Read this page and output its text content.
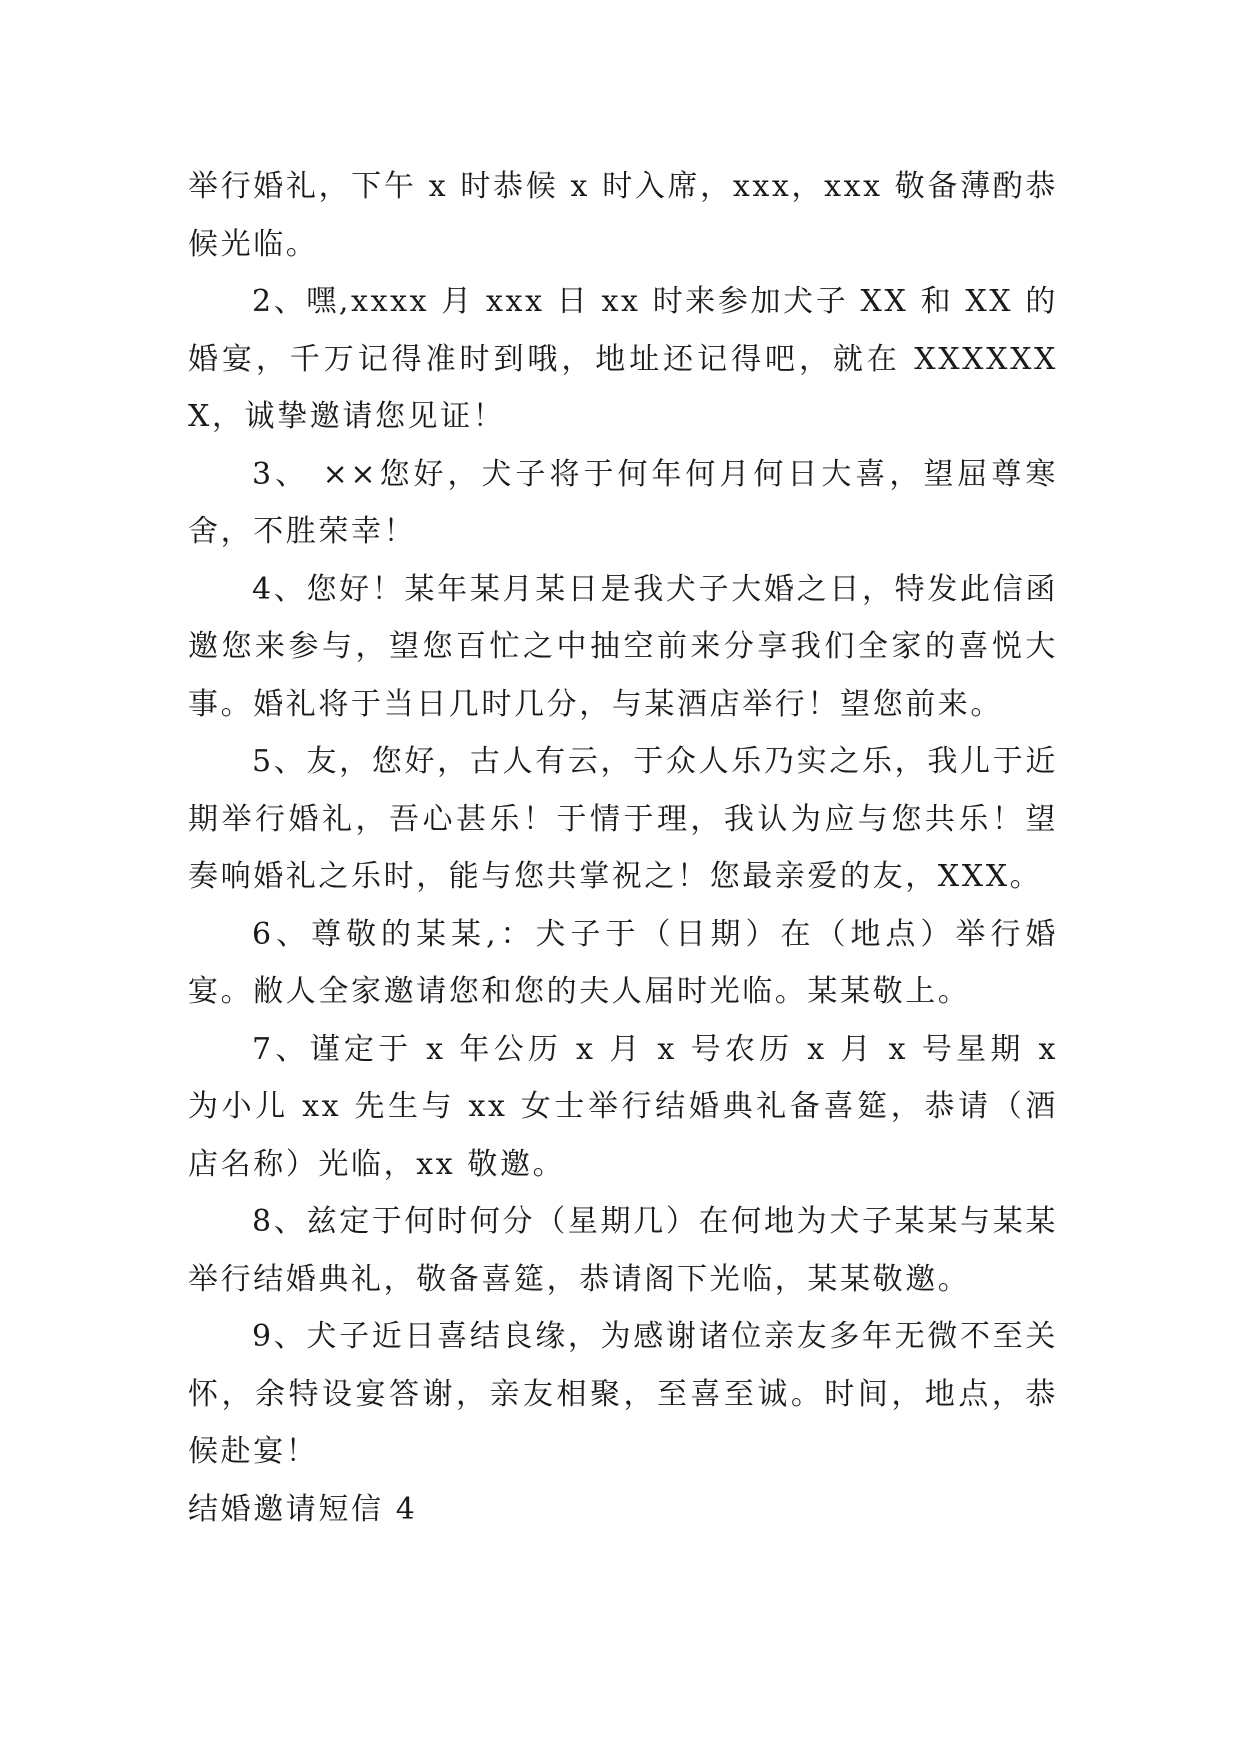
举行婚礼，下午 x 时恭候 x 时入席，xxx，xxx 敬备薄酌恭候光临。

2、嘿,xxxx 月 xxx 日 xx 时来参加犬子 XX 和 XX 的婚宴，千万记得准时到哦，地址还记得吧，就在 XXXXXXX，诚挚邀请您见证！

3、 ××您好，犬子将于何年何月何日大喜，望屈尊寒舍，不胜荣幸！

4、您好！某年某月某日是我犬子大婚之日，特发此信函邀您来参与，望您百忙之中抽空前来分享我们全家的喜悦大事。婚礼将于当日几时几分，与某酒店举行！望您前来。

5、友，您好，古人有云，于众人乐乃实之乐，我儿于近期举行婚礼，吾心甚乐！于情于理，我认为应与您共乐！望奏响婚礼之乐时，能与您共掌祝之！您最亲爱的友，XXX。

6、尊敬的某某,：犬子于（日期）在（地点）举行婚宴。敝人全家邀请您和您的夫人届时光临。某某敬上。

7、谨定于 x 年公历 x 月 x 号农历 x 月 x 号星期 x 为小儿 xx 先生与 xx 女士举行结婚典礼备喜筵，恭请（酒店名称）光临，xx 敬邀。

8、兹定于何时何分（星期几）在何地为犬子某某与某某举行结婚典礼，敬备喜筵，恭请阁下光临，某某敬邀。

9、犬子近日喜结良缘，为感谢诸位亲友多年无微不至关怀，余特设宴答谢，亲友相聚，至喜至诚。时间，地点，恭候赴宴！

结婚邀请短信 4
